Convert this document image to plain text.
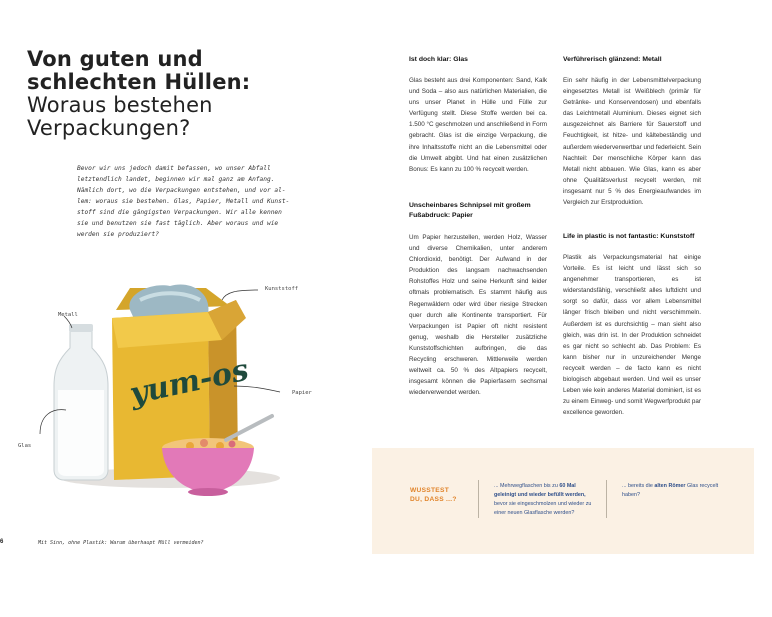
Von guten und schlechten Hüllen: Woraus bestehen Verpackungen?
Bevor wir uns jedoch damit befassen, wo unser Abfall
letztendlich landet, beginnen wir mal ganz am Anfang.
Nämlich dort, wo die Verpackungen entstehen, und vor al-
lem: woraus sie bestehen. Glas, Papier, Metall und Kunst-
stoff sind die gängigsten Verpackungen. Wir alle kennen
sie und benutzen sie fast täglich. Aber woraus und wie
werden sie produziert?
yum-os
Kunststoff
Metall
Papier
Glas
6	Mit Sinn, ohne Plastik: Warum überhaupt Müll vermeiden?
Ist doch klar: Glas
Glas besteht aus drei Komponenten: Sand, Kalk und Soda – also aus natürlichen Materialien, die uns unser Planet in Hülle und Fülle zur Verfügung stellt. Diese Stoffe werden bei ca. 1.500 °C geschmolzen und anschließend in Form gebracht. Glas ist die einzige Verpackung, die ihre Inhaltsstoffe nicht an die Lebensmittel oder die Umwelt abgibt. Und hat einen zusätzlichen Bonus: Es kann zu 100 % recycelt werden.
Unscheinbares Schnipsel mit großem Fußabdruck: Papier
Um Papier herzustellen, werden Holz, Wasser und diverse Chemikalien, unter anderem Chlordioxid, benötigt. Der Aufwand in der Produktion des langsam nachwachsenden Rohstoffes Holz und seine Herkunft sind leider oftmals problematisch. Es stammt häufig aus Regenwäldern oder wird über riesige Strecken quer durch alle Kontinente transportiert. Für Verpackungen ist Papier oft nicht resistent genug, weshalb die Hersteller zusätzliche Kunststoffschichten aufbringen, die das Recycling erschweren. Mittlerweile werden weltweit ca. 50 % des Altpapiers recycelt, insgesamt können die Papierfasern sechsmal wiederverwendet werden.
Verführerisch glänzend: Metall
Ein sehr häufig in der Lebensmittelverpackung eingesetztes Metall ist Weißblech (primär für Getränke- und Konservendosen) und ebenfalls das Leichtmetall Aluminium. Dieses eignet sich ausgezeichnet als Barriere für Sauerstoff und Feuchtigkeit, ist hitze- und kältebeständig und außerdem wiederverwertbar und federleicht. Sein Nachteil: Der menschliche Körper kann das Metall nicht abbauen. Wie Glas, kann es aber ohne Qualitätsverlust recycelt werden, mit insgesamt nur 5 % des Energieaufwandes im Vergleich zur Erstproduktion.
Life in plastic is not fantastic: Kunststoff
Plastik als Verpackungsmaterial hat einige Vorteile. Es ist leicht und lässt sich so angenehmer transportieren, es ist widerstandsfähig, verschließt alles luftdicht und sorgt so dafür, dass vor allem Lebensmittel länger frisch bleiben und nicht verschimmeln. Außerdem ist es durchsichtig – man sieht also gleich, was drin ist. In der Produktion schneidet es gar nicht so schlecht ab. Das Problem: Es kann bisher nur in unzureichender Menge recycelt werden – de facto kann es nicht biologisch abgebaut werden. Und weil es unser Leben wie kein anderes Material dominiert, ist es zu einem Einweg- und somit Wegwerfprodukt par excellence geworden.
WUSSTEST
DU, DASS ...?
... Mehrwegflaschen bis zu 60 Mal geleinigt und wieder befüllt werden, bevor sie eingeschmolzen und wieder zu einer neuen Glasflasche werden?
... bereits die alten Römer Glas recycelt haben?
